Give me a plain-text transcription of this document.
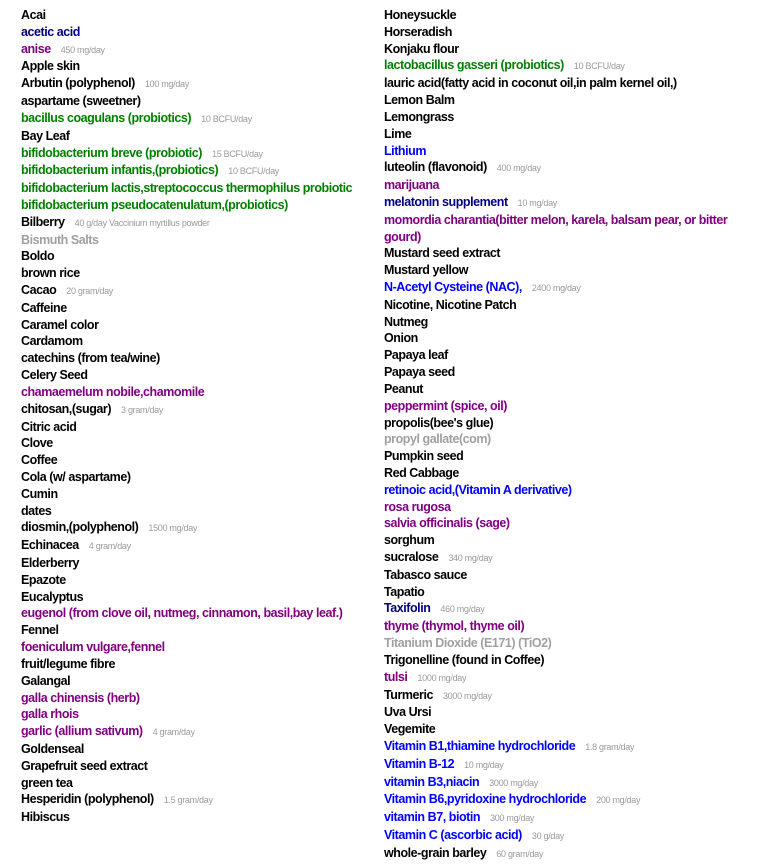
Acai
acetic acid
anise 450 mg/day
Apple skin
Arbutin (polyphenol) 100 mg/day
aspartame (sweetner)
bacillus coagulans (probiotics) 10 BCFU/day
Bay Leaf
bifidobacterium breve (probiotic) 15 BCFU/day
bifidobacterium infantis,(probiotics) 10 BCFU/day
bifidobacterium lactis,streptococcus thermophilus probiotic
bifidobacterium pseudocatenulatum,(probiotics)
Bilberry 40 g/day Vaccinium myrtillus powder
Bismuth Salts
Boldo
brown rice
Cacao 20 gram/day
Caffeine
Caramel color
Cardamom
catechins (from tea/wine)
Celery Seed
chamaemelum nobile,chamomile
chitosan,(sugar) 3 gram/day
Citric acid
Clove
Coffee
Cola (w/ aspartame)
Cumin
dates
diosmin,(polyphenol) 1500 mg/day
Echinacea 4 gram/day
Elderberry
Epazote
Eucalyptus
eugenol (from clove oil, nutmeg, cinnamon, basil,bay leaf.)
Fennel
foeniculum vulgare,fennel
fruit/legume fibre
Galangal
galla chinensis (herb)
galla rhois
garlic (allium sativum) 4 gram/day
Goldenseal
Grapefruit seed extract
green tea
Hesperidin (polyphenol) 1.5 gram/day
Hibiscus
Honeysuckle
Horseradish
Konjaku flour
lactobacillus gasseri (probiotics) 10 BCFU/day
lauric acid(fatty acid in coconut oil,in palm kernel oil,)
Lemon Balm
Lemongrass
Lime
Lithium
luteolin (flavonoid) 400 mg/day
marijuana
melatonin supplement 10 mg/day
momordia charantia(bitter melon, karela, balsam pear, or bitter gourd)
Mustard seed extract
Mustard yellow
N-Acetyl Cysteine (NAC), 2400 mg/day
Nicotine, Nicotine Patch
Nutmeg
Onion
Papaya leaf
Papaya seed
Peanut
peppermint (spice, oil)
propolis(bee's glue)
propyl gallate(com)
Pumpkin seed
Red Cabbage
retinoic acid,(Vitamin A derivative)
rosa rugosa
salvia officinalis (sage)
sorghum
sucralose 340 mg/day
Tabasco sauce
Tapatio
Taxifolin 460 mg/day
thyme (thymol, thyme oil)
Titanium Dioxide (E171) (TiO2)
Trigonelline (found in Coffee)
tulsi 1000 mg/day
Turmeric 3000 mg/day
Uva Ursi
Vegemite
Vitamin B1,thiamine hydrochloride 1.8 gram/day
Vitamin B-12 10 mg/day
vitamin B3,niacin 3000 mg/day
Vitamin B6,pyridoxine hydrochloride 200 mg/day
vitamin B7, biotin 300 mg/day
Vitamin C (ascorbic acid) 30 g/day
whole-grain barley 60 gram/day
